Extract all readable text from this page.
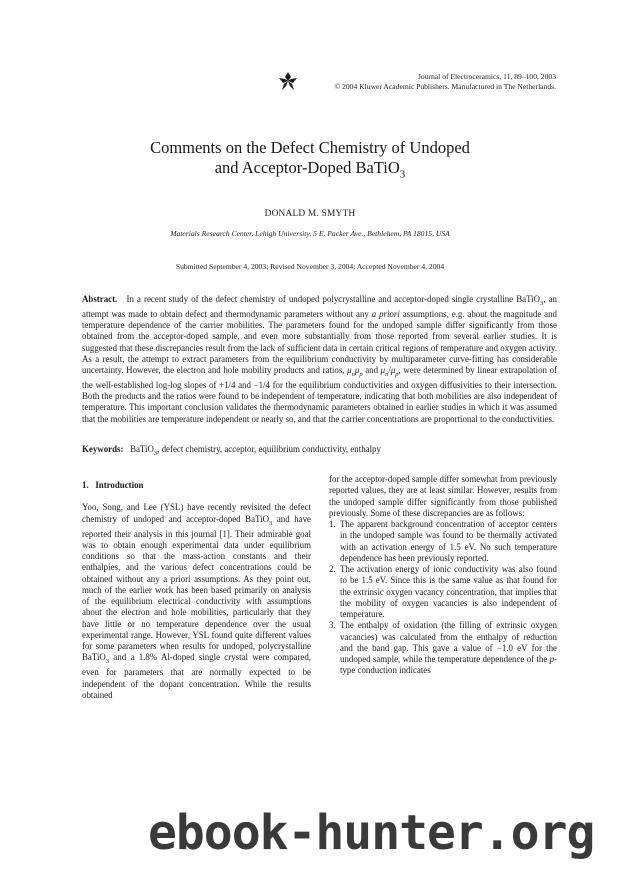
Journal of Electroceramics, 11, 89–100, 2003
© 2004 Kluwer Academic Publishers. Manufactured in The Netherlands.
Comments on the Defect Chemistry of Undoped
and Acceptor-Doped BaTiO$_3$
DONALD M. SMYTH
Materials Research Center, Lehigh University, 5 E. Packer Ave., Bethlehem, PA 18015, USA
Submitted September 4, 2003; Revised November 3, 2004; Accepted November 4, 2004
Abstract. In a recent study of the defect chemistry of undoped polycrystalline and acceptor-doped single crystalline BaTiO$_3$, an attempt was made to obtain defect and thermodynamic parameters without any a priori assumptions, e.g. about the magnitude and temperature dependence of the carrier mobilities. The parameters found for the undoped sample differ significantly from those obtained from the acceptor-doped sample, and even more substantially from those reported from several earlier studies. It is suggested that these discrepancies result from the lack of sufficient data in certain critical regions of temperature and oxygen activity. As a result, the attempt to extract parameters from the equilibrium conductivity by multiparameter curve-fitting has considerable uncertainty. However, the electron and hole mobility products and ratios, $\mu_n\mu_p$ and $\mu_n/\mu_p$, were determined by linear extrapolation of the well-established log-log slopes of +1/4 and −1/4 for the equilibrium conductivities and oxygen diffusivities to their intersection. Both the products and the ratios were found to be independent of temperature, indicating that both mobilities are also independent of temperature. This important conclusion validates the thermodynamic parameters obtained in earlier studies in which it was assumed that the mobilities are temperature independent or nearly so, and that the carrier concentrations are proportional to the conductivities.
Keywords: BaTiO$_3$, defect chemistry, acceptor, equilibrium conductivity, enthalpy
1.   Introduction
Yoo, Song, and Lee (YSL) have recently revisited the defect chemistry of undoped and acceptor-doped BaTiO$_3$ and have reported their analysis in this journal [1]. Their admirable goal was to obtain enough experimental data under equilibrium conditions so that the mass-action constants and their enthalpies, and the various defect concentrations could be obtained without any a priori assumptions. As they point out, much of the earlier work has been based primarily on analysis of the equilibrium electrical conductivity with assumptions about the electron and hole mobilities, particularly that they have little or no temperature dependence over the usual experimental range. However, YSL found quite different values for some parameters when results for undoped, polycrystalline BaTiO$_3$ and a 1.8% Al-doped single crystal were compared, even for parameters that are normally expected to be independent of the dopant concentration. While the results obtained

for the acceptor-doped sample differ somewhat from previously reported values, they are at least similar. However, results from the undoped sample differ significantly from those published previously. Some of these discrepancies are as follows:

1. The apparent background concentration of acceptor centers in the undoped sample was found to be thermally activated with an activation energy of 1.5 eV. No such temperature dependence has been previously reported.
2. The activation energy of ionic conductivity was also found to be 1.5 eV. Since this is the same value as that found for the extrinsic oxygen vacancy concentration, that implies that the mobility of oxygen vacancies is also independent of temperature.
3. The enthalpy of oxidation (the filling of extrinsic oxygen vacancies) was calculated from the enthalpy of reduction and the band gap. This gave a value of −1.0 eV for the undoped sample, while the temperature dependence of the p-type conduction indicates
ebook-hunter.org
